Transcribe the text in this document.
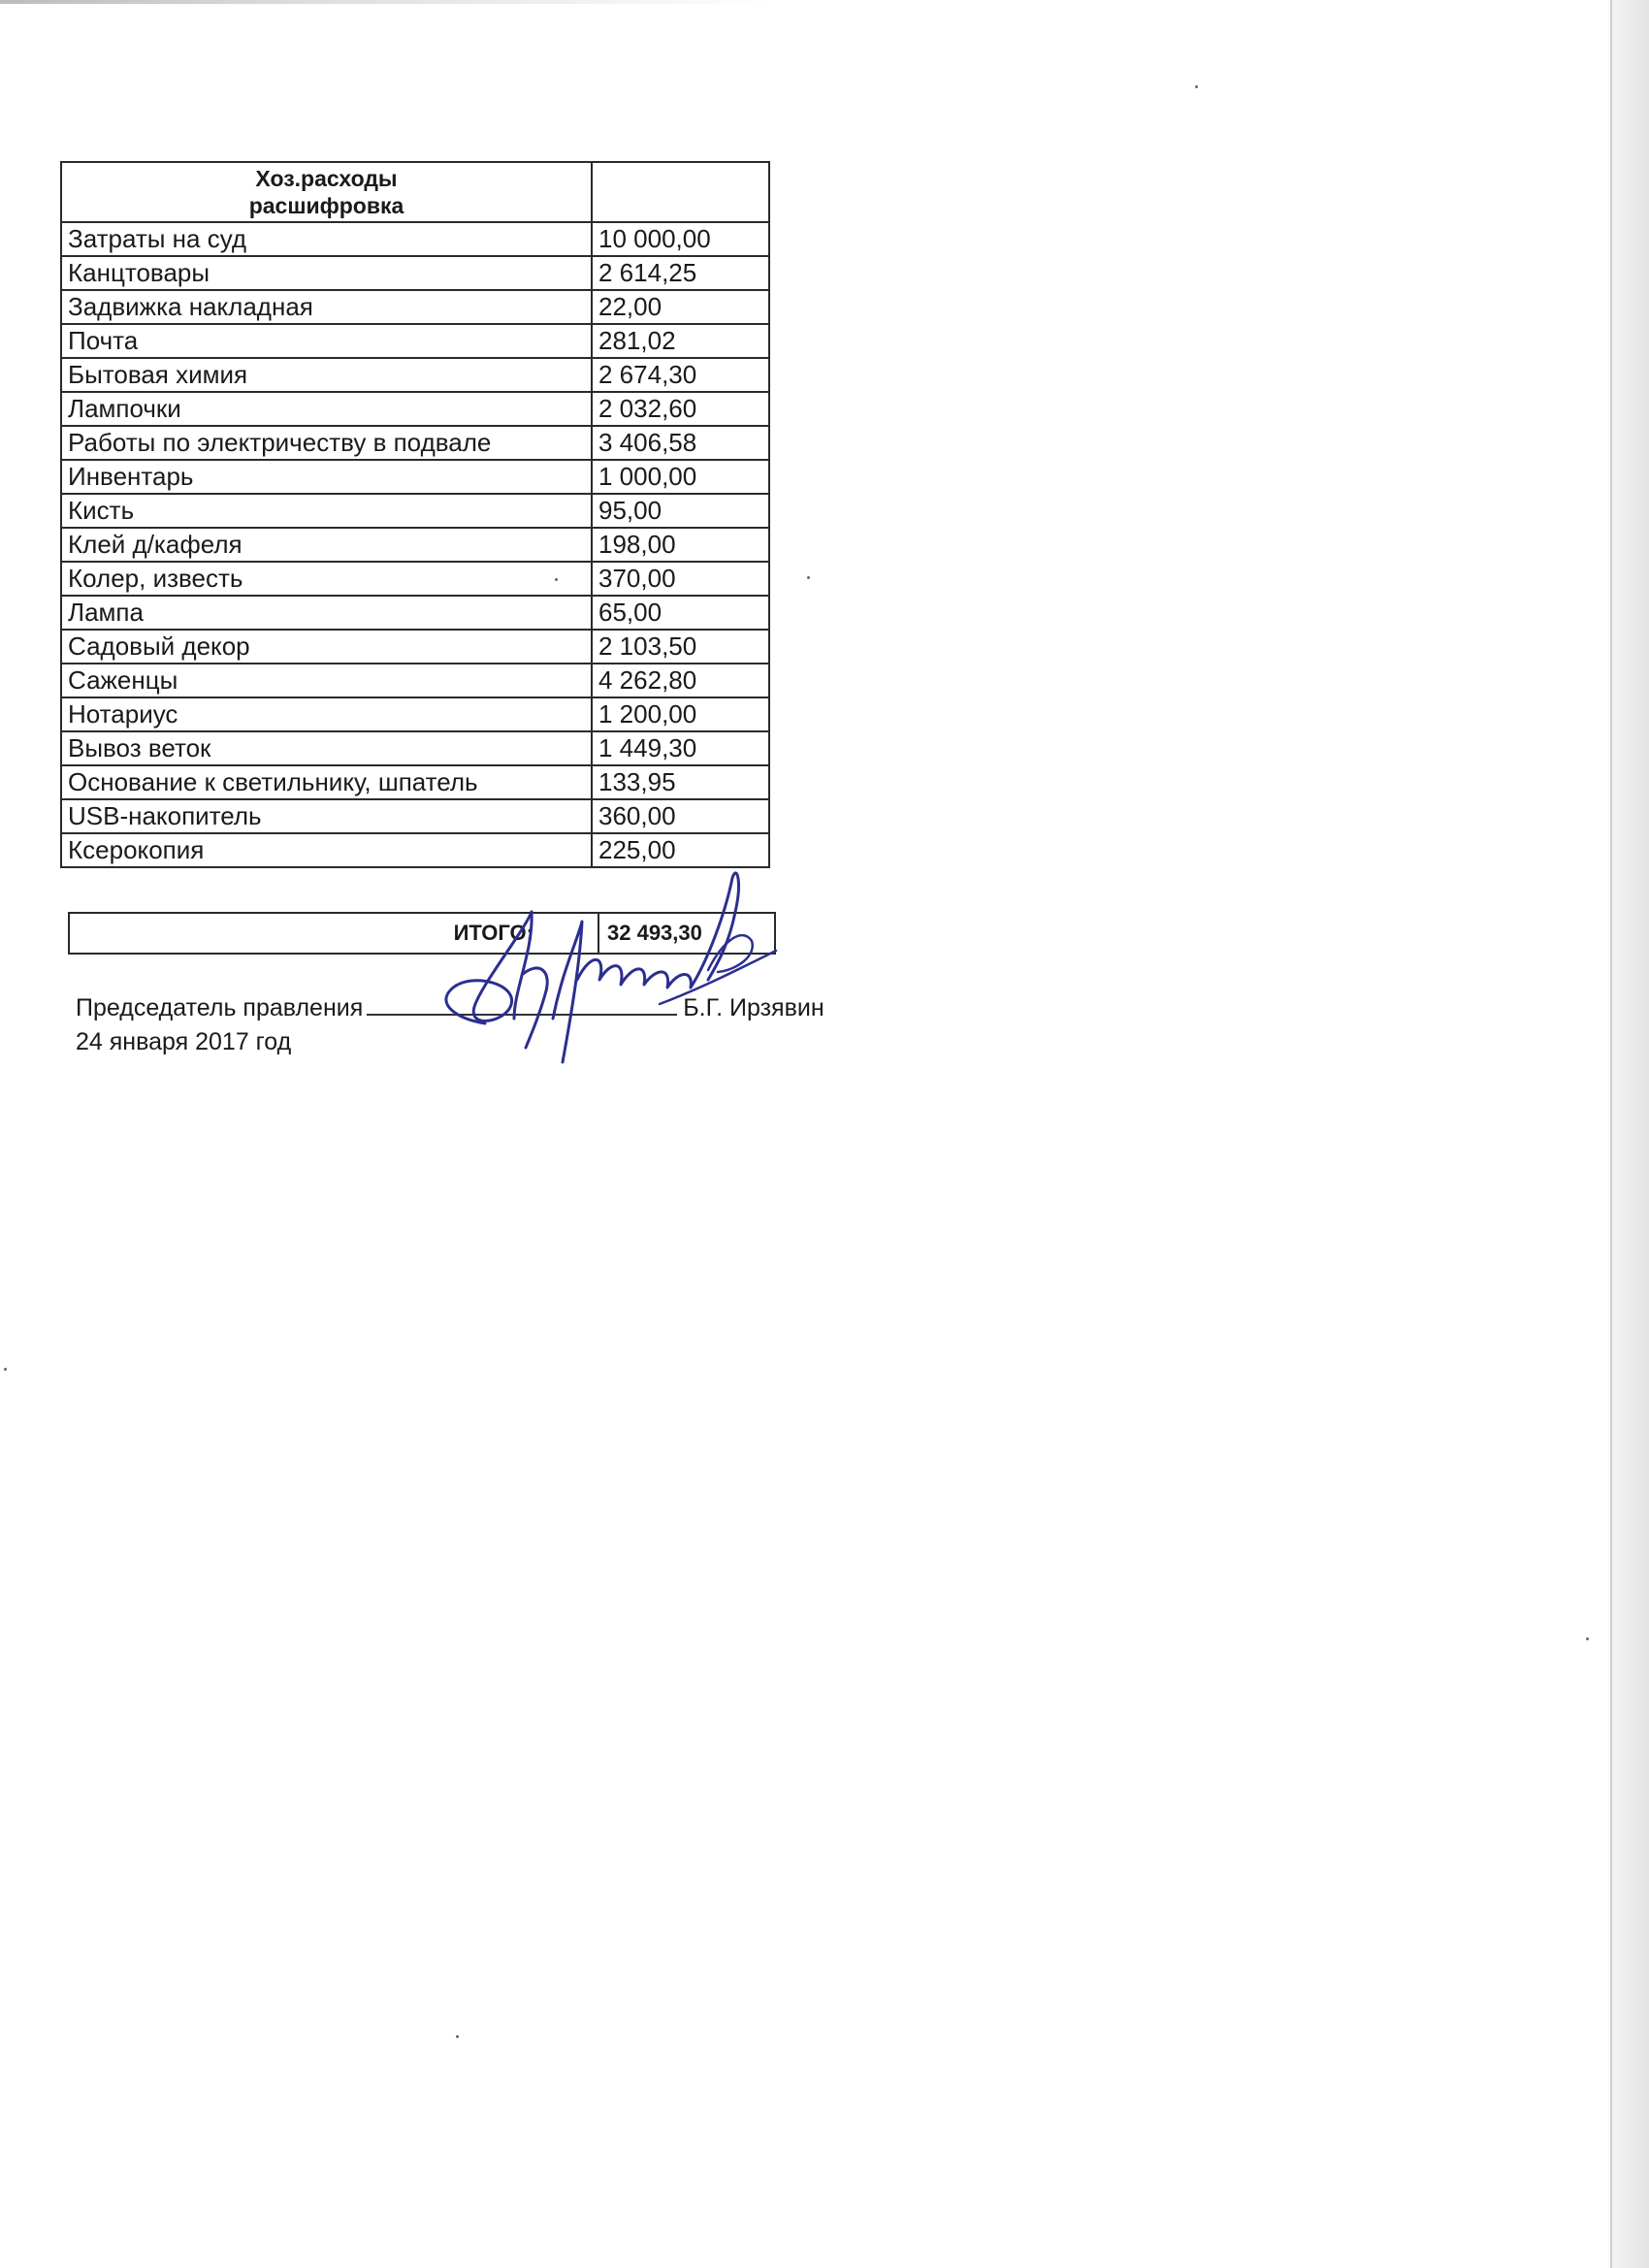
Хоз.расходы
расшифровка	

Затраты на суд	10 000,00
Канцтовары	2 614,25
Задвижка накладная	22,00
Почта	281,02
Бытовая химия	2 674,30
Лампочки	2 032,60
Работы по электричеству в подвале	3 406,58
Инвентарь	1 000,00
Кисть	95,00
Клей д/кафеля	198,00
Колер, известь	370,00
Лампа	65,00
Садовый декор	2 103,50
Саженцы	4 262,80
Нотариус	1 200,00
Вывоз веток	1 449,30
Основание к светильнику, шпатель	133,95
USB-накопитель	360,00
Ксерокопия	225,00
ИТОГО:	32 493,30
Председатель правления	Б.Г. Ирзявин
24 января 2017 год
